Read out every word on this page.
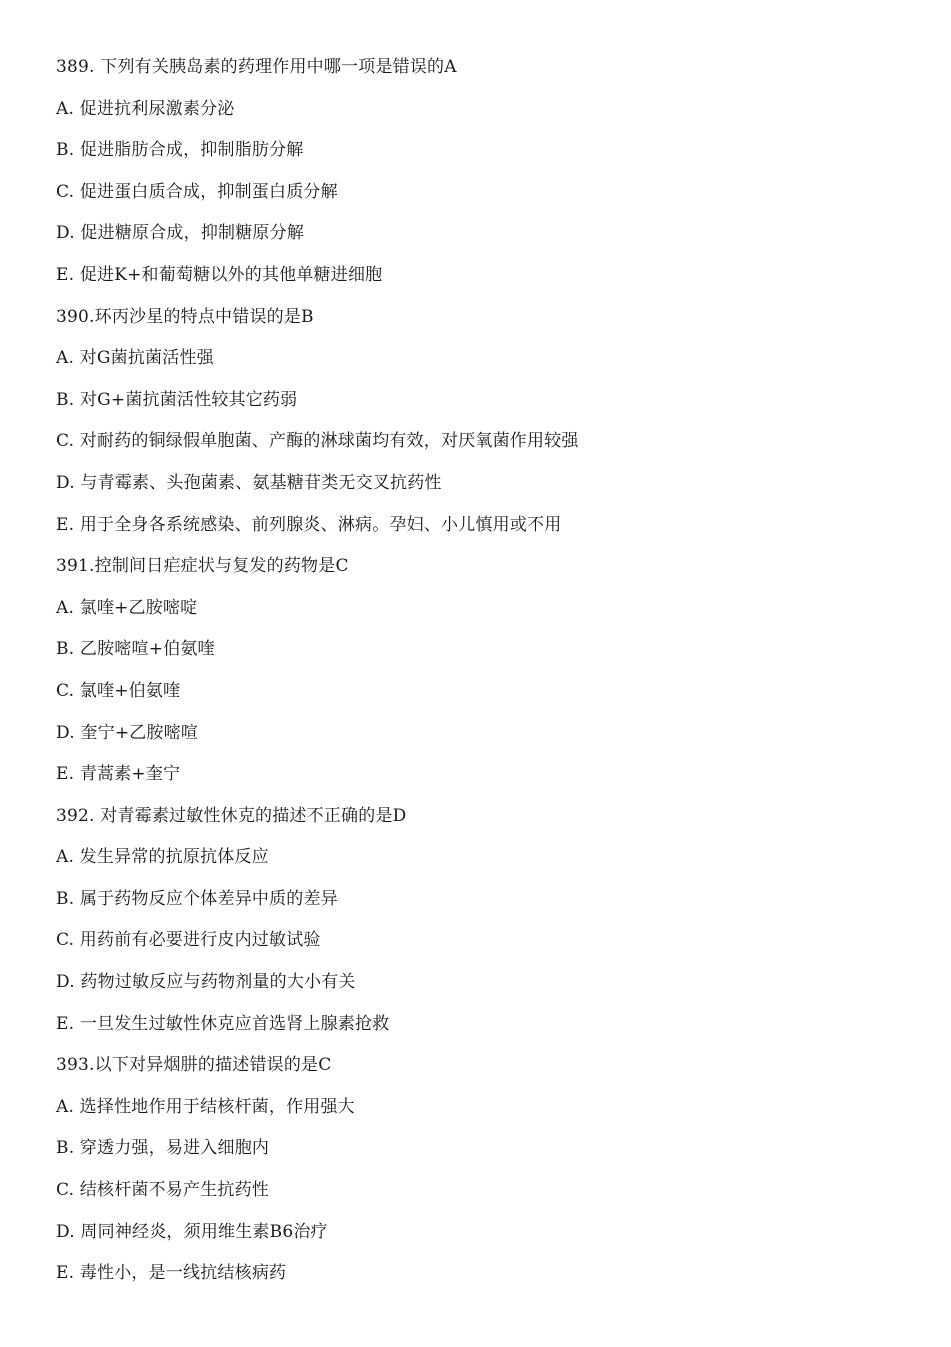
389. 下列有关胰岛素的药理作用中哪一项是错误的A
A. 促进抗利尿激素分泌
B. 促进脂肪合成，抑制脂肪分解
C. 促进蛋白质合成，抑制蛋白质分解
D. 促进糖原合成，抑制糖原分解
E. 促进K+和葡萄糖以外的其他单糖进细胞
390.环丙沙星的特点中错误的是B
A. 对G菌抗菌活性强
B. 对G+菌抗菌活性较其它药弱
C. 对耐药的铜绿假单胞菌、产酶的淋球菌均有效，对厌氧菌作用较强
D. 与青霉素、头孢菌素、氨基糖苷类无交叉抗药性
E. 用于全身各系统感染、前列腺炎、淋病。孕妇、小儿慎用或不用
391.控制间日疟症状与复发的药物是C
A. 氯喹+乙胺嘧啶
B. 乙胺嘧喧+伯氨喹
C. 氯喹+伯氨喹
D. 奎宁+乙胺嘧喧
E. 青蒿素+奎宁
392. 对青霉素过敏性休克的描述不正确的是D
A. 发生异常的抗原抗体反应
B. 属于药物反应个体差异中质的差异
C. 用药前有必要进行皮内过敏试验
D. 药物过敏反应与药物剂量的大小有关
E. 一旦发生过敏性休克应首选肾上腺素抢救
393.以下对异烟肼的描述错误的是C
A. 选择性地作用于结核杆菌，作用强大
B. 穿透力强，易进入细胞内
C. 结核杆菌不易产生抗药性
D. 周同神经炎，须用维生素B6治疗
E. 毒性小，是一线抗结核病药
